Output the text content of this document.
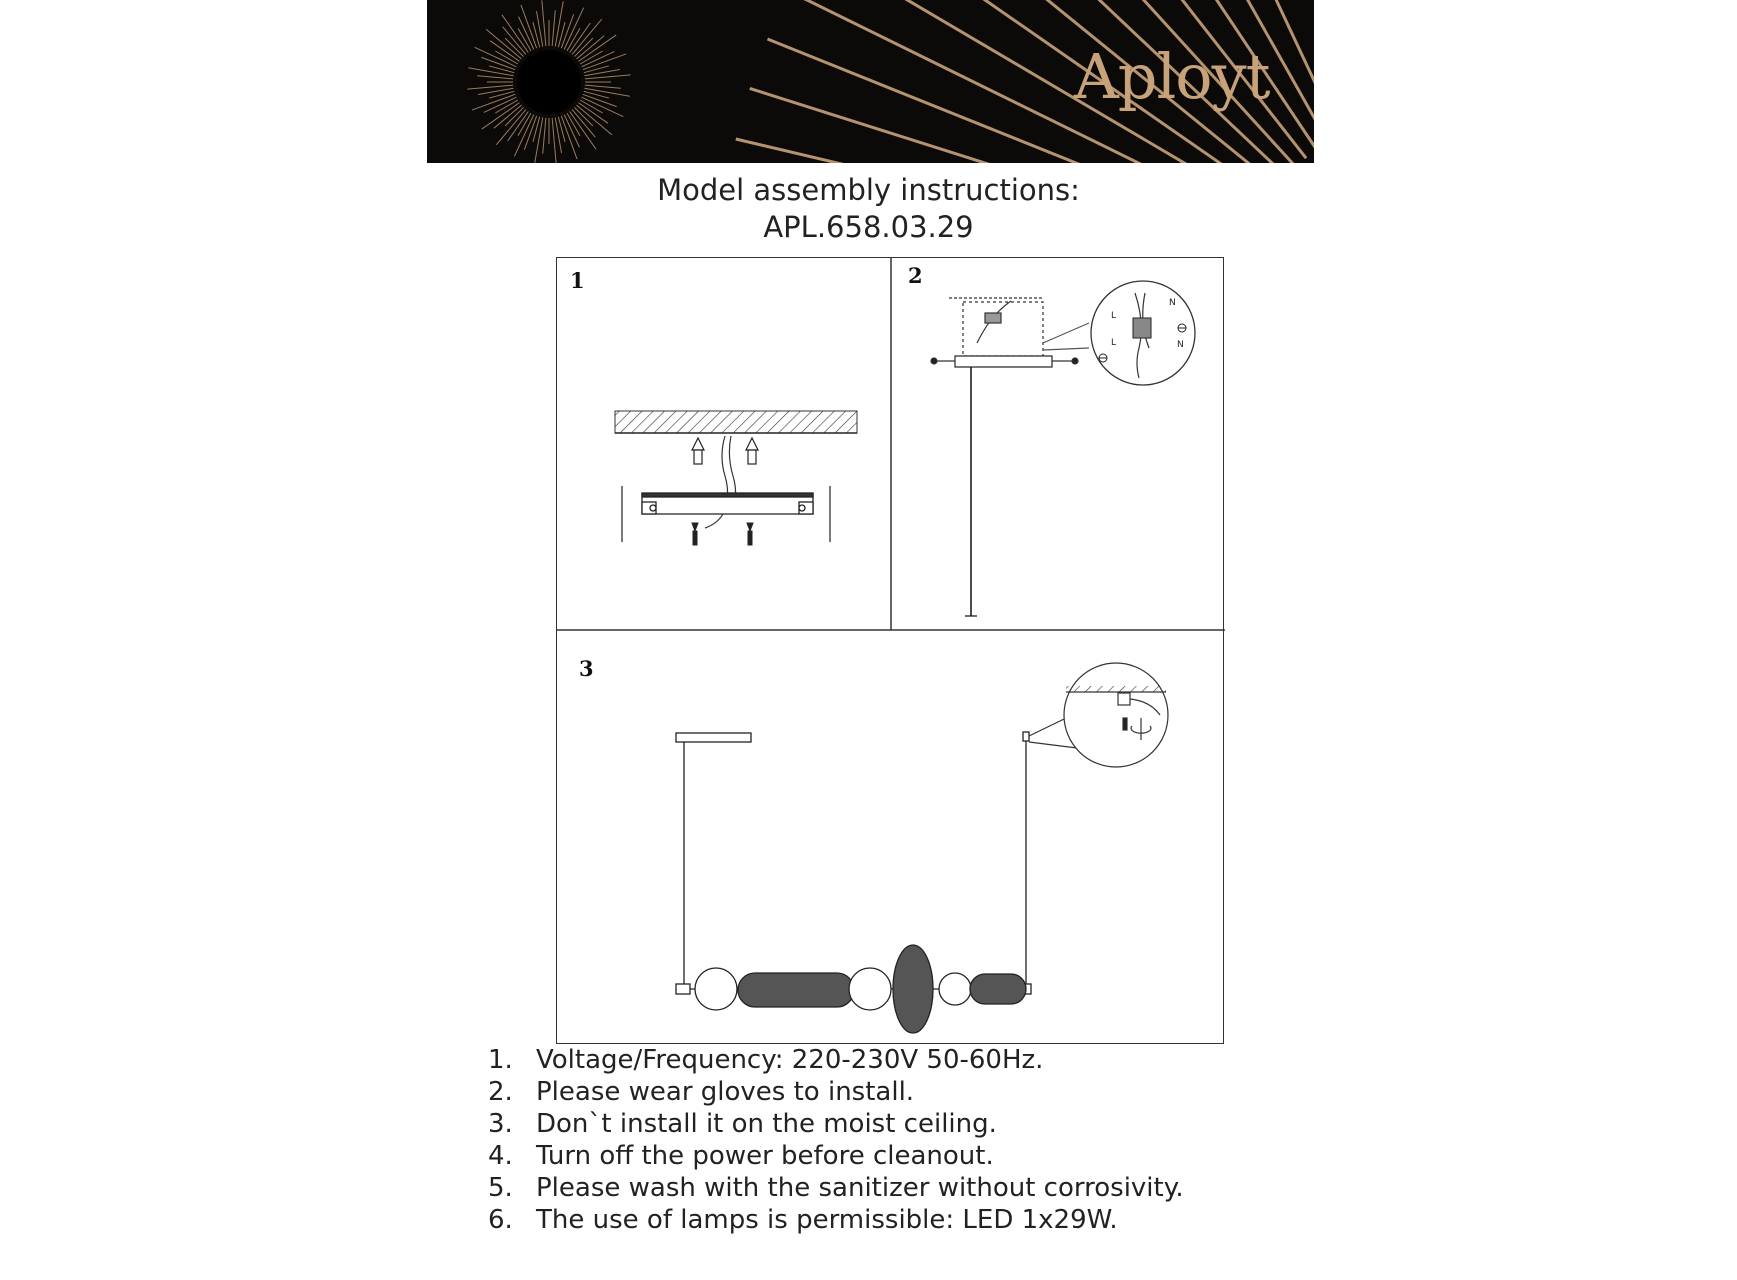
Aployt
Model assembly instructions:
APL.658.03.29
L
L
N
N
1	2
3
1. Voltage/Frequency: 220-230V 50-60Hz.
2. Please wear gloves to install.
3. Don`t install it on the moist ceiling.
4. Turn off the power before cleanout.
5. Please wash with the sanitizer without corrosivity.
6. The use of lamps is permissible: LED 1x29W.
